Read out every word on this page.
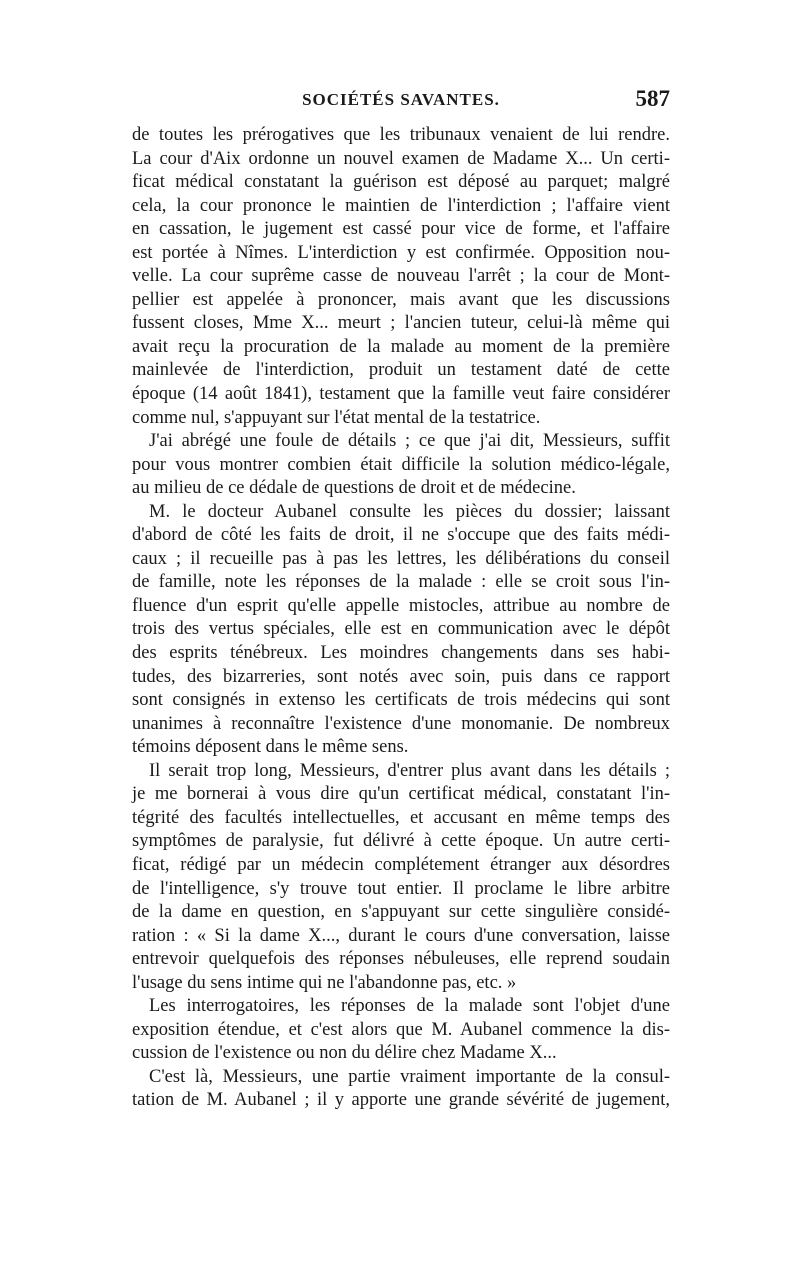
SOCIÉTÉS SAVANTES.	587
de toutes les prérogatives que les tribunaux venaient de lui rendre.
La cour d'Aix ordonne un nouvel examen de Madame X... Un certi-
ficat médical constatant la guérison est déposé au parquet; malgré
cela, la cour prononce le maintien de l'interdiction ; l'affaire vient
en cassation, le jugement est cassé pour vice de forme, et l'affaire
est portée à Nîmes. L'interdiction y est confirmée. Opposition nou-
velle. La cour suprême casse de nouveau l'arrêt ; la cour de Mont-
pellier est appelée à prononcer, mais avant que les discussions
fussent closes, Mme X... meurt ; l'ancien tuteur, celui-là même qui
avait reçu la procuration de la malade au moment de la première
mainlevée de l'interdiction, produit un testament daté de cette
époque (14 août 1841), testament que la famille veut faire considérer
comme nul, s'appuyant sur l'état mental de la testatrice.
J'ai abrégé une foule de détails ; ce que j'ai dit, Messieurs, suffit
pour vous montrer combien était difficile la solution médico-légale,
au milieu de ce dédale de questions de droit et de médecine.
M. le docteur Aubanel consulte les pièces du dossier; laissant
d'abord de côté les faits de droit, il ne s'occupe que des faits médi-
caux ; il recueille pas à pas les lettres, les délibérations du conseil
de famille, note les réponses de la malade : elle se croit sous l'in-
fluence d'un esprit qu'elle appelle mistocles, attribue au nombre de
trois des vertus spéciales, elle est en communication avec le dépôt
des esprits ténébreux. Les moindres changements dans ses habi-
tudes, des bizarreries, sont notés avec soin, puis dans ce rapport
sont consignés in extenso les certificats de trois médecins qui sont
unanimes à reconnaître l'existence d'une monomanie. De nombreux
témoins déposent dans le même sens.
Il serait trop long, Messieurs, d'entrer plus avant dans les détails ;
je me bornerai à vous dire qu'un certificat médical, constatant l'in-
tégrité des facultés intellectuelles, et accusant en même temps des
symptômes de paralysie, fut délivré à cette époque. Un autre certi-
ficat, rédigé par un médecin complétement étranger aux désordres
de l'intelligence, s'y trouve tout entier. Il proclame le libre arbitre
de la dame en question, en s'appuyant sur cette singulière considé-
ration : « Si la dame X..., durant le cours d'une conversation, laisse
entrevoir quelquefois des réponses nébuleuses, elle reprend soudain
l'usage du sens intime qui ne l'abandonne pas, etc. »
Les interrogatoires, les réponses de la malade sont l'objet d'une
exposition étendue, et c'est alors que M. Aubanel commence la dis-
cussion de l'existence ou non du délire chez Madame X...
C'est là, Messieurs, une partie vraiment importante de la consul-
tation de M. Aubanel ; il y apporte une grande sévérité de jugement,
